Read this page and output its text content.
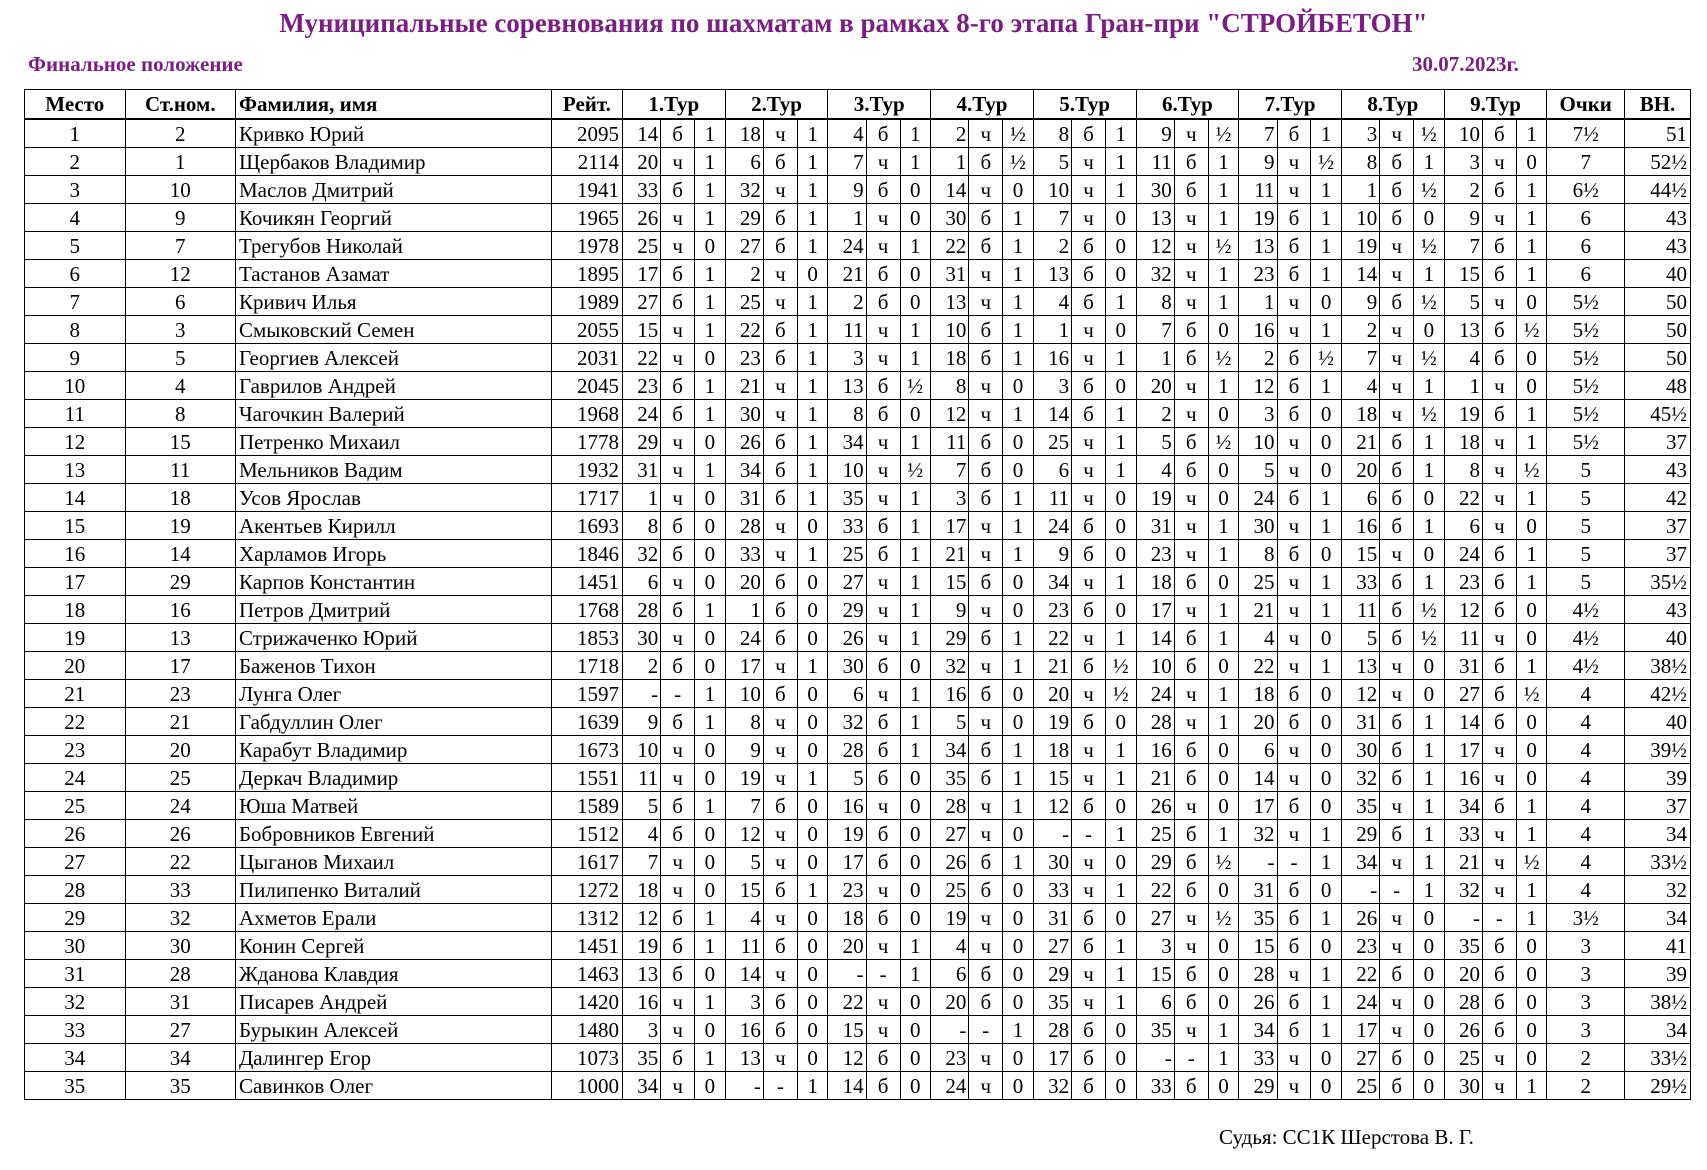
Муниципальные соревнования по шахматам в рамках 8-го этапа Гран-при "СТРОЙБЕТОН"
Финальное положение	30.07.2023г.
Место	Ст.ном.	Фамилия, имя	Рейт.	1.Тур			2.Тур			3.Тур			4.Тур			5.Тур			6.Тур			7.Тур			8.Тур			9.Тур			Очки	ВН.
1	2	Кривко Юрий	2095	14	б	1	18	ч	1	4	б	1	2	ч	½	8	б	1	9	ч	½	7	б	1	3	ч	½	10	б	1	7½	51
2	1	Щербаков Владимир	2114	20	ч	1	6	б	1	7	ч	1	1	б	½	5	ч	1	11	б	1	9	ч	½	8	б	1	3	ч	0	7	52½
3	10	Маслов Дмитрий	1941	33	б	1	32	ч	1	9	б	0	14	ч	0	10	ч	1	30	б	1	11	ч	1	1	б	½	2	б	1	6½	44½
4	9	Кочикян Георгий	1965	26	ч	1	29	б	1	1	ч	0	30	б	1	7	ч	0	13	ч	1	19	б	1	10	б	0	9	ч	1	6	43
5	7	Трегубов Николай	1978	25	ч	0	27	б	1	24	ч	1	22	б	1	2	б	0	12	ч	½	13	б	1	19	ч	½	7	б	1	6	43
6	12	Тастанов Азамат	1895	17	б	1	2	ч	0	21	б	0	31	ч	1	13	б	0	32	ч	1	23	б	1	14	ч	1	15	б	1	6	40
7	6	Кривич Илья	1989	27	б	1	25	ч	1	2	б	0	13	ч	1	4	б	1	8	ч	1	1	ч	0	9	б	½	5	ч	0	5½	50
8	3	Смыковский Семен	2055	15	ч	1	22	б	1	11	ч	1	10	б	1	1	ч	0	7	б	0	16	ч	1	2	ч	0	13	б	½	5½	50
9	5	Георгиев Алексей	2031	22	ч	0	23	б	1	3	ч	1	18	б	1	16	ч	1	1	б	½	2	б	½	7	ч	½	4	б	0	5½	50
10	4	Гаврилов Андрей	2045	23	б	1	21	ч	1	13	б	½	8	ч	0	3	б	0	20	ч	1	12	б	1	4	ч	1	1	ч	0	5½	48
11	8	Чагочкин Валерий	1968	24	б	1	30	ч	1	8	б	0	12	ч	1	14	б	1	2	ч	0	3	б	0	18	ч	½	19	б	1	5½	45½
12	15	Петренко Михаил	1778	29	ч	0	26	б	1	34	ч	1	11	б	0	25	ч	1	5	б	½	10	ч	0	21	б	1	18	ч	1	5½	37
13	11	Мельников Вадим	1932	31	ч	1	34	б	1	10	ч	½	7	б	0	6	ч	1	4	б	0	5	ч	0	20	б	1	8	ч	½	5	43
14	18	Усов Ярослав	1717	1	ч	0	31	б	1	35	ч	1	3	б	1	11	ч	0	19	ч	0	24	б	1	6	б	0	22	ч	1	5	42
15	19	Акентьев Кирилл	1693	8	б	0	28	ч	0	33	б	1	17	ч	1	24	б	0	31	ч	1	30	ч	1	16	б	1	6	ч	0	5	37
16	14	Харламов Игорь	1846	32	б	0	33	ч	1	25	б	1	21	ч	1	9	б	0	23	ч	1	8	б	0	15	ч	0	24	б	1	5	37
17	29	Карпов Константин	1451	6	ч	0	20	б	0	27	ч	1	15	б	0	34	ч	1	18	б	0	25	ч	1	33	б	1	23	б	1	5	35½
18	16	Петров Дмитрий	1768	28	б	1	1	б	0	29	ч	1	9	ч	0	23	б	0	17	ч	1	21	ч	1	11	б	½	12	б	0	4½	43
19	13	Стрижаченко Юрий	1853	30	ч	0	24	б	0	26	ч	1	29	б	1	22	ч	1	14	б	1	4	ч	0	5	б	½	11	ч	0	4½	40
20	17	Баженов Тихон	1718	2	б	0	17	ч	1	30	б	0	32	ч	1	21	б	½	10	б	0	22	ч	1	13	ч	0	31	б	1	4½	38½
21	23	Лунга Олег	1597	-	-	1	10	б	0	6	ч	1	16	б	0	20	ч	½	24	ч	1	18	б	0	12	ч	0	27	б	½	4	42½
22	21	Габдуллин Олег	1639	9	б	1	8	ч	0	32	б	1	5	ч	0	19	б	0	28	ч	1	20	б	0	31	б	1	14	б	0	4	40
23	20	Карабут Владимир	1673	10	ч	0	9	ч	0	28	б	1	34	б	1	18	ч	1	16	б	0	6	ч	0	30	б	1	17	ч	0	4	39½
24	25	Деркач Владимир	1551	11	ч	0	19	ч	1	5	б	0	35	б	1	15	ч	1	21	б	0	14	ч	0	32	б	1	16	ч	0	4	39
25	24	Юша Матвей	1589	5	б	1	7	б	0	16	ч	0	28	ч	1	12	б	0	26	ч	0	17	б	0	35	ч	1	34	б	1	4	37
26	26	Бобровников Евгений	1512	4	б	0	12	ч	0	19	б	0	27	ч	0	-	-	1	25	б	1	32	ч	1	29	б	1	33	ч	1	4	34
27	22	Цыганов Михаил	1617	7	ч	0	5	ч	0	17	б	0	26	б	1	30	ч	0	29	б	½	-	-	1	34	ч	1	21	ч	½	4	33½
28	33	Пилипенко Виталий	1272	18	ч	0	15	б	1	23	ч	0	25	б	0	33	ч	1	22	б	0	31	б	0	-	-	1	32	ч	1	4	32
29	32	Ахметов Ерали	1312	12	б	1	4	ч	0	18	б	0	19	ч	0	31	б	0	27	ч	½	35	б	1	26	ч	0	-	-	1	3½	34
30	30	Конин Сергей	1451	19	б	1	11	б	0	20	ч	1	4	ч	0	27	б	1	3	ч	0	15	б	0	23	ч	0	35	б	0	3	41
31	28	Жданова Клавдия	1463	13	б	0	14	ч	0	-	-	1	6	б	0	29	ч	1	15	б	0	28	ч	1	22	б	0	20	б	0	3	39
32	31	Писарев Андрей	1420	16	ч	1	3	б	0	22	ч	0	20	б	0	35	ч	1	6	б	0	26	б	1	24	ч	0	28	б	0	3	38½
33	27	Бурыкин Алексей	1480	3	ч	0	16	б	0	15	ч	0	-	-	1	28	б	0	35	ч	1	34	б	1	17	ч	0	26	б	0	3	34
34	34	Далингер Егор	1073	35	б	1	13	ч	0	12	б	0	23	ч	0	17	б	0	-	-	1	33	ч	0	27	б	0	25	ч	0	2	33½
35	35	Савинков Олег	1000	34	ч	0	-	-	1	14	б	0	24	ч	0	32	б	0	33	б	0	29	ч	0	25	б	0	30	ч	1	2	29½
Судья: СС1К Шерстова В. Г.
